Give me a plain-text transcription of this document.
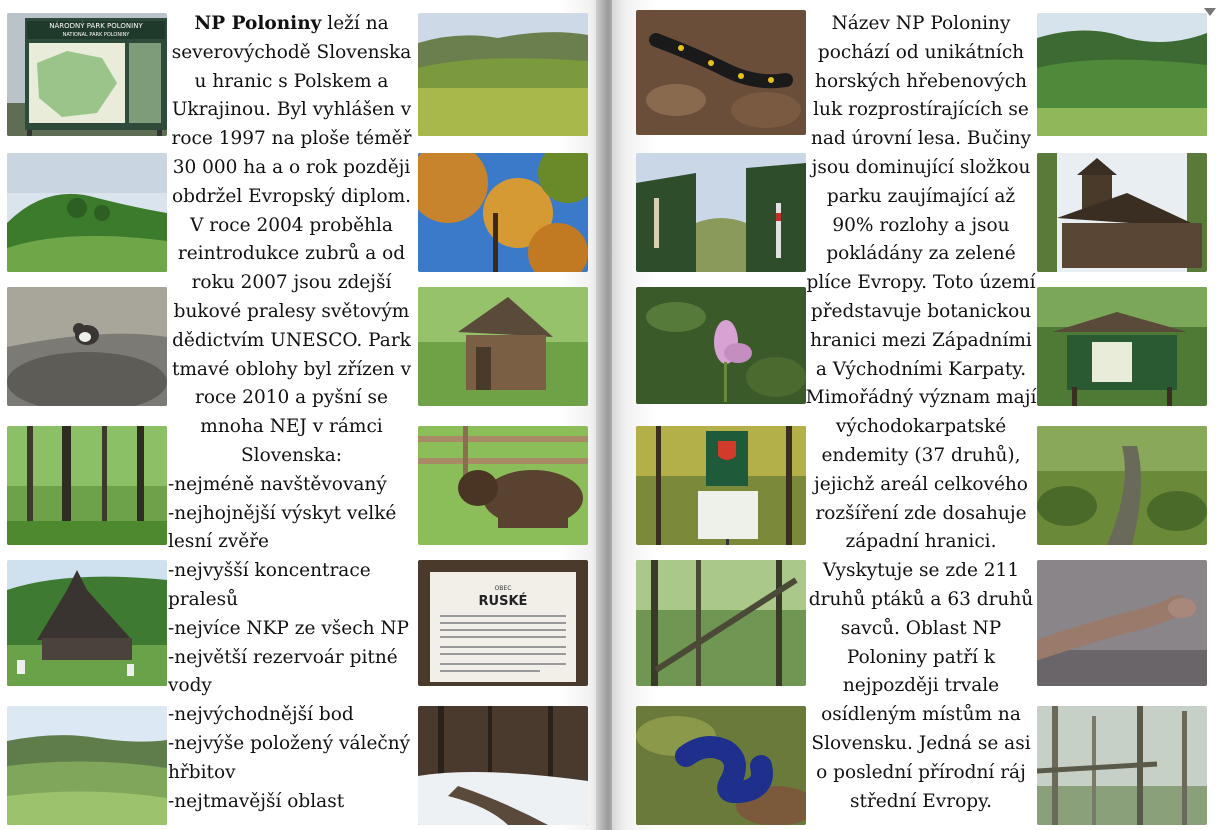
NÁRODNÝ PARK POLONINY
NATIONAL PARK POLONINY
OBEC
RUSKÉ
NP Poloniny leží na severovýchodě Slovenska u hranic s Polskem a Ukrajinou. Byl vyhlášen v roce 1997 na ploše téměř 30 000 ha a o rok později obdržel Evropský diplom. V roce 2004 proběhla reintrodukce zubrů a od roku 2007 jsou zdejší bukové pralesy světovým dědictvím UNESCO. Park tmavé oblohy byl zřízen v roce 2010 a pyšní se mnoha NEJ v rámci Slovenska:
-nejméně navštěvovaný
-nejhojnější výskyt velké lesní zvěře
-nejvyšší koncentrace pralesů
-nejvíce NKP ze všech NP
-největší rezervoár pitné vody
-nejvýchodnější bod
-nejvýše položený válečný hřbitov
-nejtmavější oblast
Název NP Poloniny pochází od unikátních horských hřebenových luk rozprostírajících se nad úrovní lesa. Bučiny jsou dominující složkou parku zaujímající až 90% rozlohy a jsou pokládány za zelené plíce Evropy. Toto území představuje botanickou hranici mezi Západními a Východními Karpaty. Mimořádný význam mají východokarpatské endemity (37 druhů), jejichž areál celkového rozšíření zde dosahuje západní hranici. Vyskytuje se zde 211 druhů ptáků a 63 druhů savců. Oblast NP Poloniny patří k nejpozději trvale osídleným místům na Slovensku. Jedná se asi o poslední přírodní ráj střední Evropy.
